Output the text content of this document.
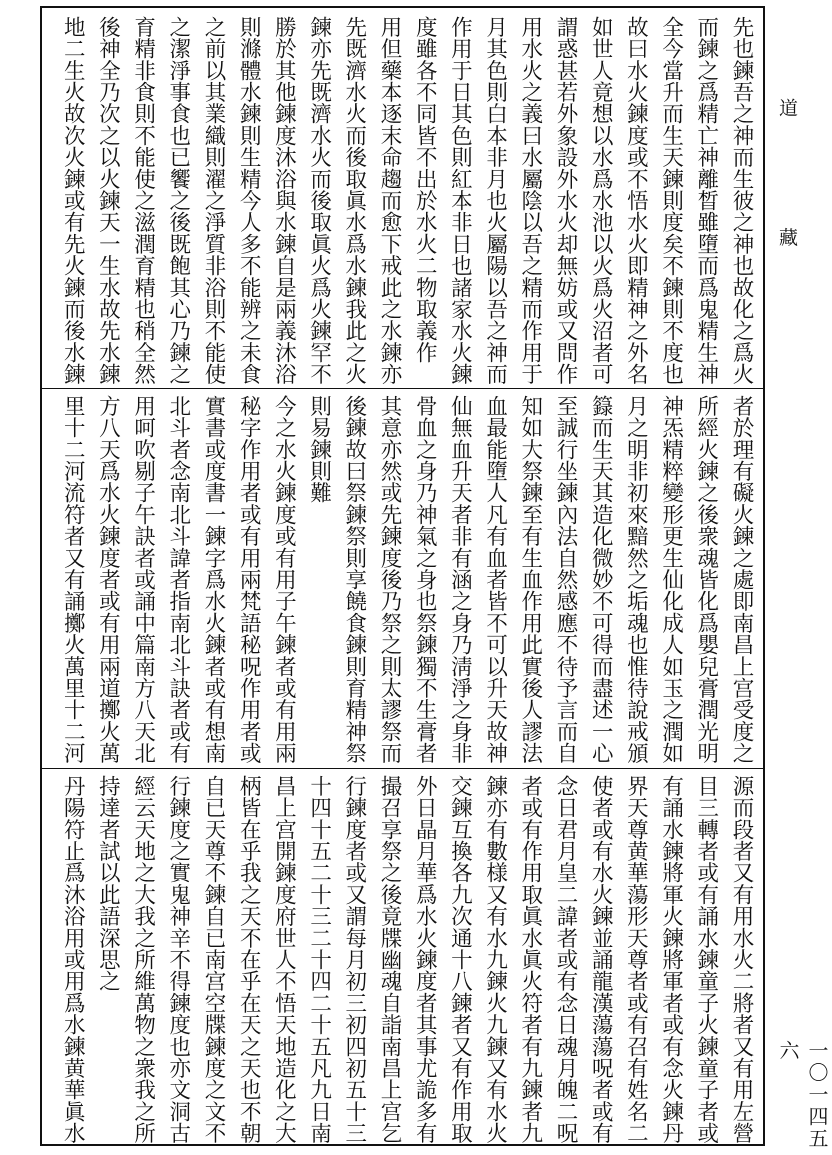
先也鍊吾之神而生彼之神也故化之爲火
而鍊之爲精亡神離晳雖墮而爲鬼精生神
全今當升而生天鍊則度矣不鍊則不度也
故曰水火鍊度或不悟水火即精神之外名
如世人竟想以水爲水池以火爲火沼者可
謂惑甚若外象設外水火却無妨或又問作
用水火之義曰水屬陰以吾之精而作用于
月其色則白本非月也火屬陽以吾之神而
作用于日其色則紅本非日也諸家水火鍊
度雖各不同皆不出於水火二物取義作
用但藥本逐末命趨而愈下戒此之水鍊亦
先既濟水火而後取眞水爲水鍊我此之火
鍊亦先既濟水火而後取眞火爲火鍊罕不
勝於其他鍊度沐浴與水鍊自是兩義沐浴
則滌體水鍊則生精今人多不能辨之未食
之前以其業織則濯之淨質非浴則不能使
之潔淨事食也已饗之後既飽其心乃鍊之
育精非食則不能使之滋潤育精也稍全然
後神全乃次之以火鍊天一生水故先水鍊
地二生火故次火鍊或有先火鍊而後水鍊
者於理有礙火鍊之處即南昌上宫受度之
所經火鍊之後衆魂皆化爲嬰兒膏潤光明
神炁精粹變形更生仙化成人如玉之潤如
月之明非初來黯然之垢魂也惟待說戒頒
籙而生天其造化微妙不可得而盡述一心
至誠行坐鍊內法自然感應不待予言而自
知如大祭鍊至有生血作用此實後人謬法
血最能墮人凡有血者皆不可以升天故神
仙無血升天者非有涵之身乃淸淨之身非
骨血之身乃神氣之身也祭鍊獨不生膏者
其意亦然或先鍊度後乃祭之則太謬祭而
後鍊故曰祭鍊祭則享饒食鍊則育精神祭
則易鍊則難
今之水火鍊度或有用子午鍊者或有用兩
秘字作用者或有用兩梵語秘呪作用者或
實書或度書一鍊字爲水火鍊者或有想南
北斗者念南北斗諱者指南北斗訣者或有
用呵吹剔子午訣者或誦中篇南方八天北
方八天爲水火鍊度者或有用兩道擲火萬
里十二河流符者又有誦擲火萬里十二河
源而段者又有用水火二將者又有用左營
目三轉者或有誦水鍊童子火鍊童子者或
有誦水鍊將軍火鍊將軍者或有念火鍊丹
界天尊黄華蕩形天尊者或有召有姓名二
使者或有水火鍊並誦龍漢蕩蕩呪者或有
念日君月皇二諱者或有念日魂月魄二呪
者或有作用取眞水眞火符者有九鍊者九
鍊亦有數様又有水九鍊火九鍊又有水火
交鍊互換各九次通十八鍊者又有作用取
外日晶月華爲水火鍊度者其事尤詭多有
撮召享祭之後竟牒幽魂自詣南昌上宫乞
行鍊度者或又謂每月初三初四初五十三
十四十五二十三二十四二十五凡九日南
昌上宫開鍊度府世人不悟天地造化之大
柄皆在乎我之天不在乎在天之天也不朝
自已天尊不鍊自已南宫空牒鍊度之文不
行鍊度之實鬼神辛不得鍊度也亦文洞古
經云天地之大我之所維萬物之衆我之所
持達者試以此語深思之
丹陽符止爲沐浴用或用爲水鍊黄華眞水
道 藏
一〇一四五六
